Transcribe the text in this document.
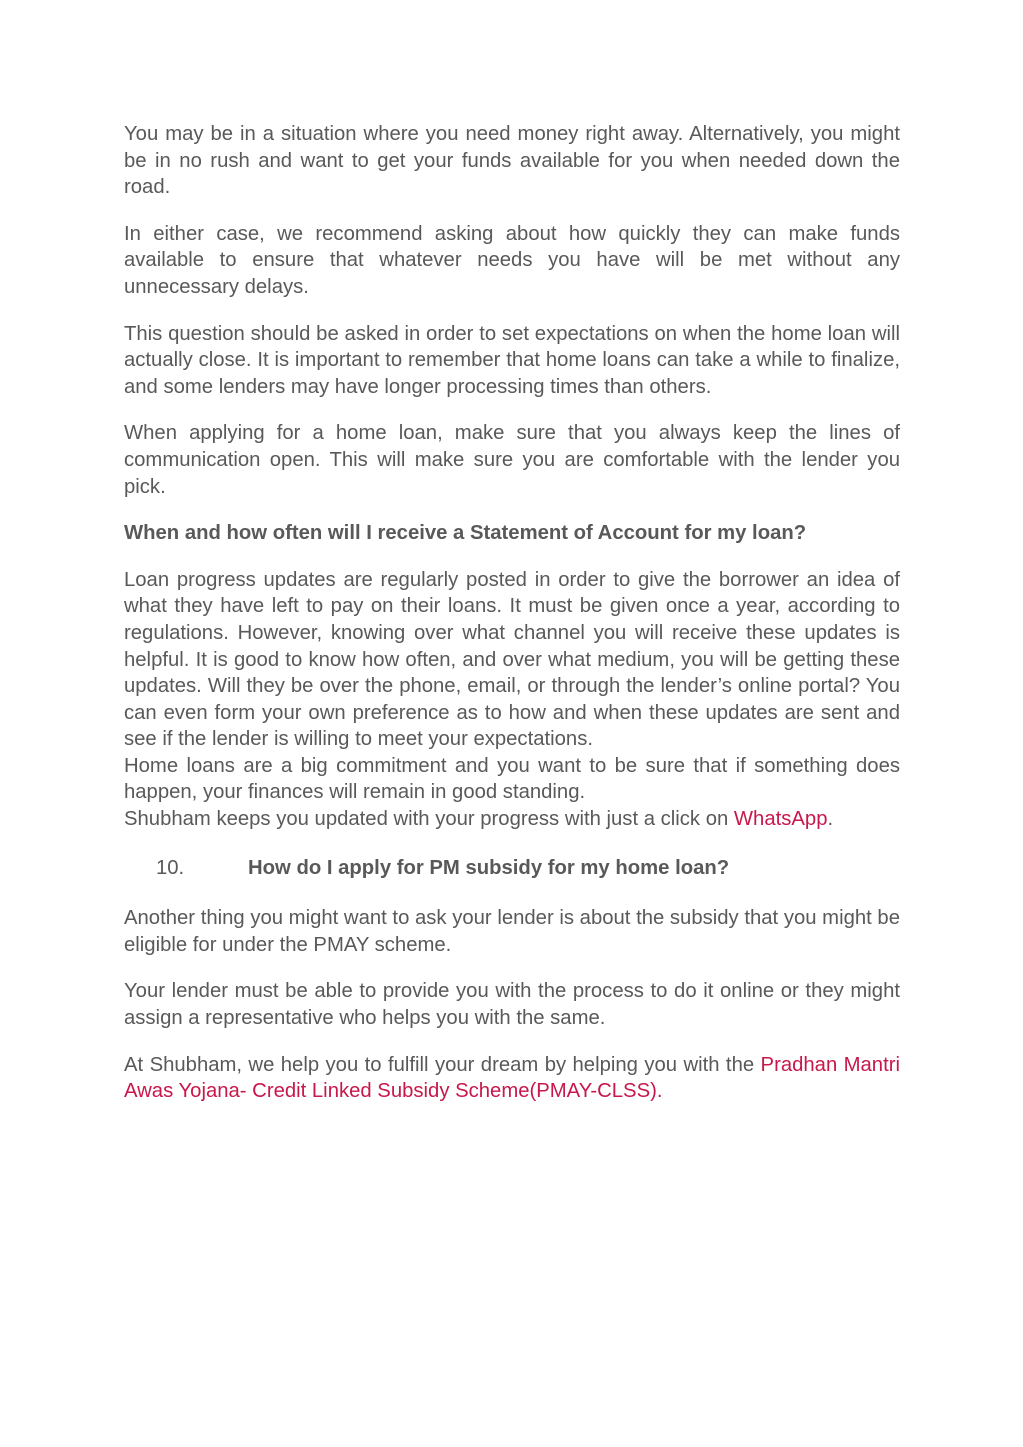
You may be in a situation where you need money right away. Alternatively, you might be in no rush and want to get your funds available for you when needed down the road.

In either case, we recommend asking about how quickly they can make funds available to ensure that whatever needs you have will be met without any unnecessary delays.

This question should be asked in order to set expectations on when the home loan will actually close. It is important to remember that home loans can take a while to finalize, and some lenders may have longer processing times than others.

When applying for a home loan, make sure that you always keep the lines of communication open. This will make sure you are comfortable with the lender you pick.

When and how often will I receive a Statement of Account for my loan?

Loan progress updates are regularly posted in order to give the borrower an idea of what they have left to pay on their loans. It must be given once a year, according to regulations. However, knowing over what channel you will receive these updates is helpful. It is good to know how often, and over what medium, you will be getting these updates. Will they be over the phone, email, or through the lender’s online portal? You can even form your own preference as to how and when these updates are sent and see if the lender is willing to meet your expectations.
Home loans are a big commitment and you want to be sure that if something does happen, your finances will remain in good standing.
Shubham keeps you updated with your progress with just a click on WhatsApp.

10.	How do I apply for PM subsidy for my home loan?

Another thing you might want to ask your lender is about the subsidy that you might be eligible for under the PMAY scheme.

Your lender must be able to provide you with the process to do it online or they might assign a representative who helps you with the same.

At Shubham, we help you to fulfill your dream by helping you with the Pradhan Mantri Awas Yojana- Credit Linked Subsidy Scheme(PMAY-CLSS).
